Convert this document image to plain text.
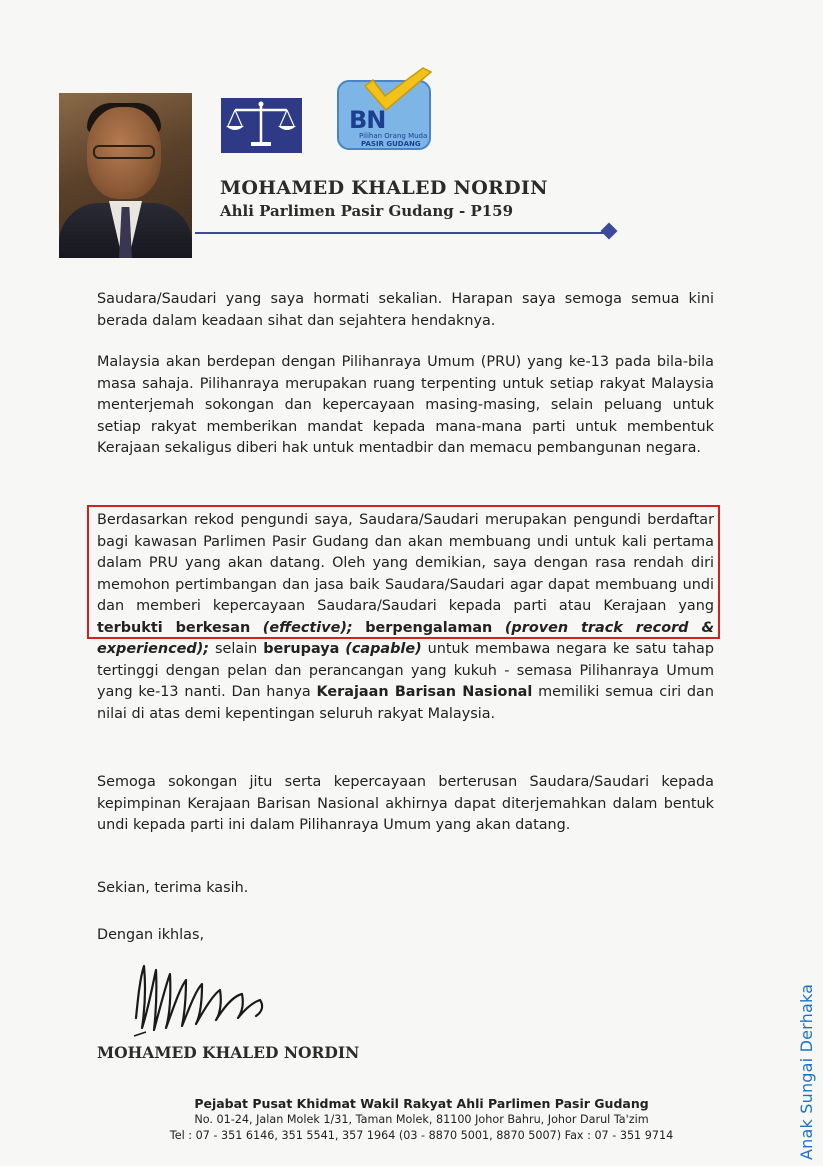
BN
Pilihan Orang Muda
PASIR GUDANG
MOHAMED KHALED NORDIN
Ahli Parlimen Pasir Gudang - P159

Saudara/Saudari yang saya hormati sekalian. Harapan saya semoga semua kini berada dalam keadaan sihat dan sejahtera hendaknya.

Malaysia akan berdepan dengan Pilihanraya Umum (PRU) yang ke-13 pada bila-bila masa sahaja. Pilihanraya merupakan ruang terpenting untuk setiap rakyat Malaysia menterjemah sokongan dan kepercayaan masing-masing, selain peluang untuk setiap rakyat memberikan mandat kepada mana-mana parti untuk membentuk Kerajaan sekaligus diberi hak untuk mentadbir dan memacu pembangunan negara.

Berdasarkan rekod pengundi saya, Saudara/Saudari merupakan pengundi berdaftar bagi kawasan Parlimen Pasir Gudang dan akan membuang undi untuk kali pertama dalam PRU yang akan datang. Oleh yang demikian, saya dengan rasa rendah diri memohon pertimbangan dan jasa baik Saudara/Saudari agar dapat membuang undi dan memberi kepercayaan Saudara/Saudari kepada parti atau Kerajaan yang terbukti berkesan (effective); berpengalaman (proven track record & experienced); selain berupaya (capable) untuk membawa negara ke satu tahap tertinggi dengan pelan dan perancangan yang kukuh - semasa Pilihanraya Umum yang ke-13 nanti. Dan hanya Kerajaan Barisan Nasional memiliki semua ciri dan nilai di atas demi kepentingan seluruh rakyat Malaysia.

Semoga sokongan jitu serta kepercayaan berterusan Saudara/Saudari kepada kepimpinan Kerajaan Barisan Nasional akhirnya dapat diterjemahkan dalam bentuk undi kepada parti ini dalam Pilihanraya Umum yang akan datang.

Sekian, terima kasih.

Dengan ikhlas,

MOHAMED KHALED NORDIN

Pejabat Pusat Khidmat Wakil Rakyat Ahli Parlimen Pasir Gudang

No. 01-24, Jalan Molek 1/31, Taman Molek, 81100 Johor Bahru, Johor Darul Ta'zim

Tel : 07 - 351 6146, 351 5541, 357 1964 (03 - 8870 5001, 8870 5007) Fax : 07 - 351 9714	Anak Sungai Derhaka
